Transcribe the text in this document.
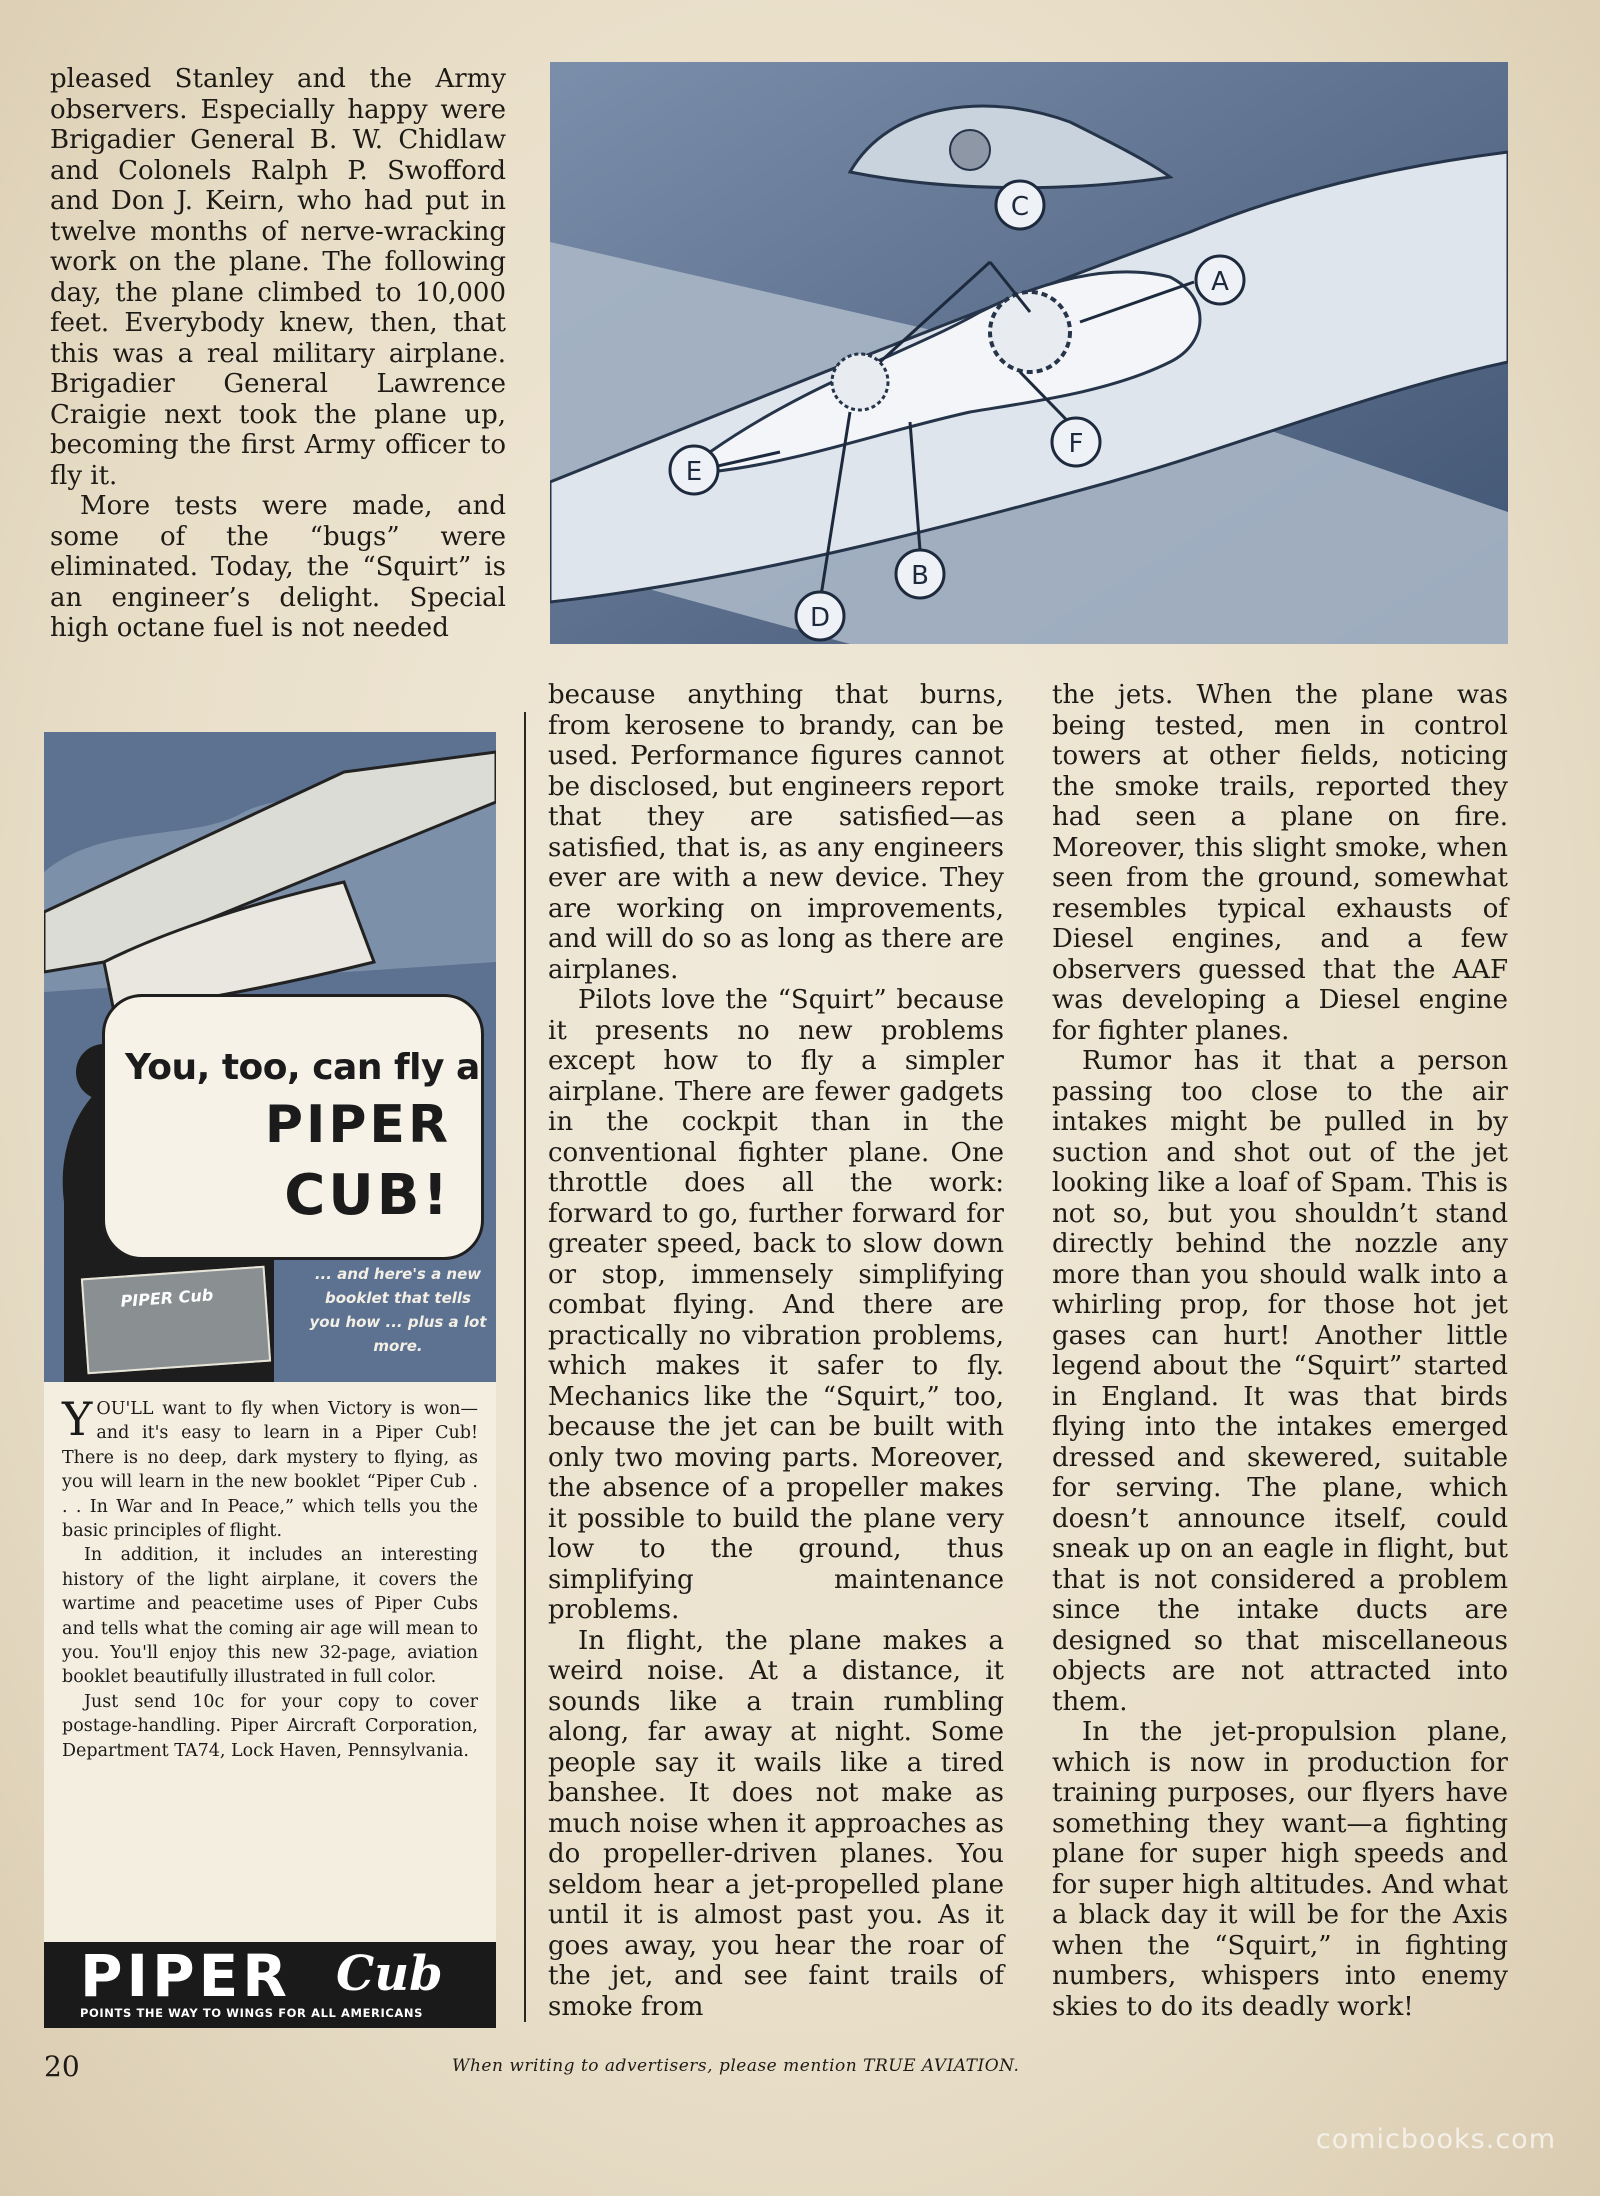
pleased Stanley and the Army observers. Especially happy were Brigadier General B. W. Chidlaw and Colonels Ralph P. Swofford and Don J. Keirn, who had put in twelve months of nerve-wracking work on the plane. The following day, the plane climbed to 10,000 feet. Everybody knew, then, that this was a real military airplane. Brigadier General Lawrence Craigie next took the plane up, becoming the first Army officer to fly it.

More tests were made, and some of the “bugs” were eliminated. Today, the “Squirt” is an engineer’s delight. Special high octane fuel is not needed

A
B
C
D
E
F
You, too, can fly a
PIPER
CUB!
PIPER Cub
... and here's a new booklet that tells you how ... plus a lot more.

YOU'LL want to fly when Victory is won—and it's easy to learn in a Piper Cub! There is no deep, dark mystery to flying, as you will learn in the new booklet “Piper Cub . . . In War and In Peace,” which tells you the basic principles of flight.

In addition, it includes an interesting history of the light airplane, it covers the wartime and peacetime uses of Piper Cubs and tells what the coming air age will mean to you. You'll enjoy this new 32-page, aviation booklet beautifully illustrated in full color.

Just send 10c for your copy to cover postage-handling. Piper Aircraft Corporation, Department TA74, Lock Haven, Pennsylvania.

PIPER Cub
POINTS THE WAY TO WINGS FOR ALL AMERICANS

because anything that burns, from kerosene to brandy, can be used. Performance figures cannot be disclosed, but engineers report that they are satisfied—as satisfied, that is, as any engineers ever are with a new device. They are working on improvements, and will do so as long as there are airplanes.

Pilots love the “Squirt” because it presents no new problems except how to fly a simpler airplane. There are fewer gadgets in the cockpit than in the conventional fighter plane. One throttle does all the work: forward to go, further forward for greater speed, back to slow down or stop, immensely simplifying combat flying. And there are practically no vibration problems, which makes it safer to fly. Mechanics like the “Squirt,” too, because the jet can be built with only two moving parts. Moreover, the absence of a propeller makes it possible to build the plane very low to the ground, thus simplifying maintenance problems.

In flight, the plane makes a weird noise. At a distance, it sounds like a train rumbling along, far away at night. Some people say it wails like a tired banshee. It does not make as much noise when it approaches as do propeller-driven planes. You seldom hear a jet-propelled plane until it is almost past you. As it goes away, you hear the roar of the jet, and see faint trails of smoke from

the jets. When the plane was being tested, men in control towers at other fields, noticing the smoke trails, reported they had seen a plane on fire. Moreover, this slight smoke, when seen from the ground, somewhat resembles typical exhausts of Diesel engines, and a few observers guessed that the AAF was developing a Diesel engine for fighter planes.

Rumor has it that a person passing too close to the air intakes might be pulled in by suction and shot out of the jet looking like a loaf of Spam. This is not so, but you shouldn’t stand directly behind the nozzle any more than you should walk into a whirling prop, for those hot jet gases can hurt! Another little legend about the “Squirt” started in England. It was that birds flying into the intakes emerged dressed and skewered, suitable for serving. The plane, which doesn’t announce itself, could sneak up on an eagle in flight, but that is not considered a problem since the intake ducts are designed so that miscellaneous objects are not attracted into them.

In the jet-propulsion plane, which is now in production for training purposes, our flyers have something they want—a fighting plane for super high speeds and for super high altitudes. And what a black day it will be for the Axis when the “Squirt,” in fighting numbers, whispers into enemy skies to do its deadly work!

20	When writing to advertisers, please mention TRUE AVIATION.
comicbooks.com
